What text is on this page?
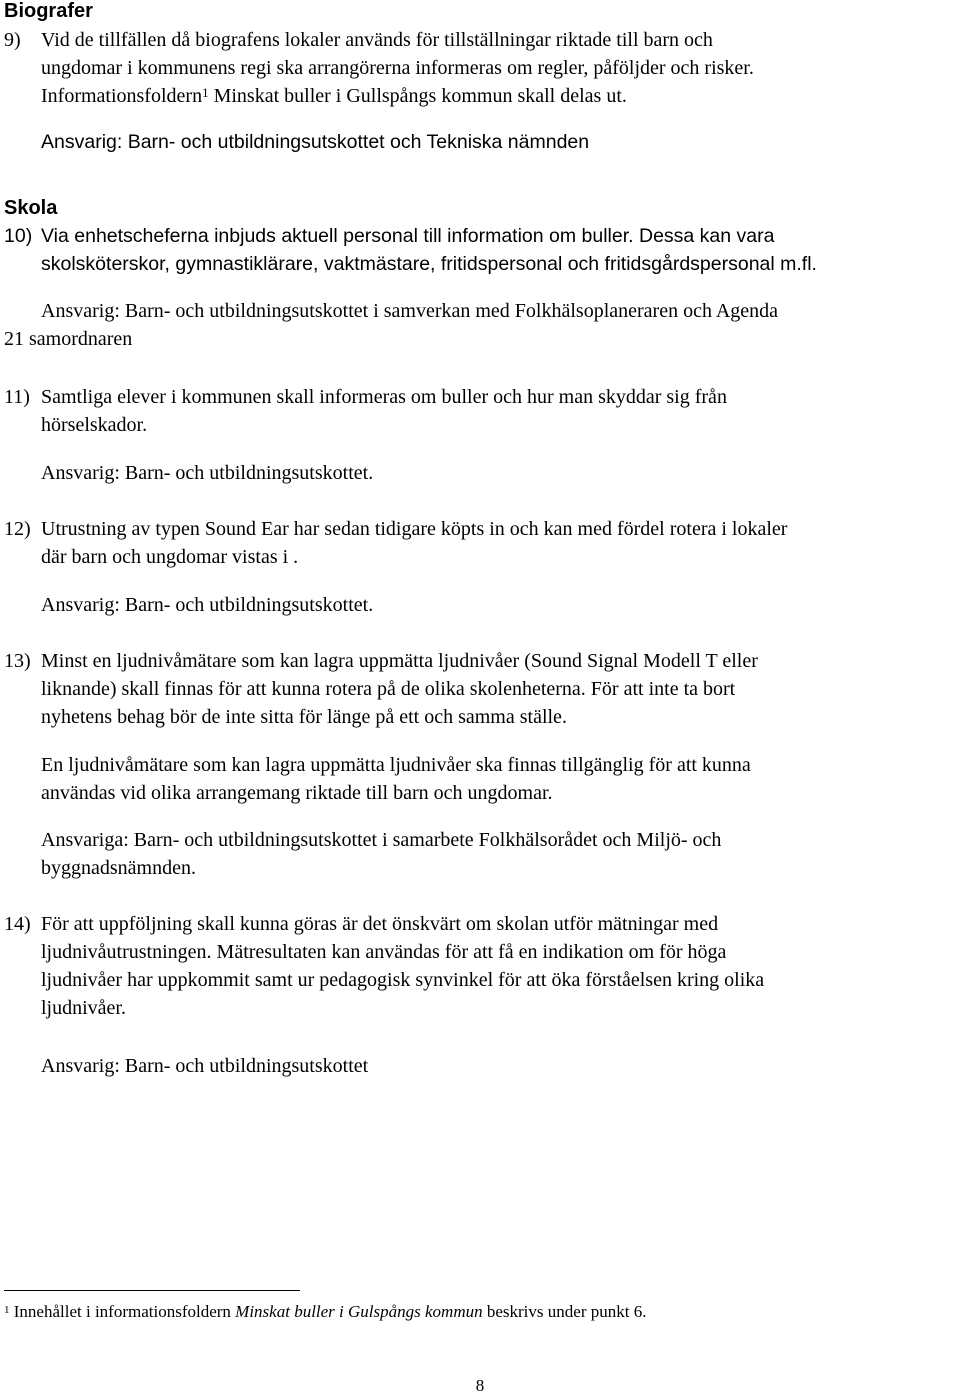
Biografer
9) Vid de tillfällen då biografens lokaler används för tillställningar riktade till barn och
ungdomar i kommunens regi ska arrangörerna informeras om regler, påföljder och risker.
Informationsfoldern$^1$ Minskat buller i Gullspångs kommun skall delas ut.
Ansvarig: Barn- och utbildningsutskottet och Tekniska nämnden
Skola
10) Via enhetscheferna inbjuds aktuell personal till information om buller. Dessa kan vara
skolsköterskor, gymnastiklärare, vaktmästare, fritidspersonal och fritidsgårdspersonal m.fl.
Ansvarig: Barn- och utbildningsutskottet i samverkan med Folkhälsoplaneraren och Agenda
21 samordnaren
11) Samtliga elever i kommunen skall informeras om buller och hur man skyddar sig från
hörselskador.
Ansvarig: Barn- och utbildningsutskottet.
12) Utrustning av typen Sound Ear har sedan tidigare köpts in och kan med fördel rotera i lokaler
där barn och ungdomar vistas i .
Ansvarig: Barn- och utbildningsutskottet.
13) Minst en ljudnivåmätare som kan lagra uppmätta ljudnivåer (Sound Signal Modell T eller
liknande) skall finnas för att kunna rotera på de olika skolenheterna. För att inte ta bort
nyhetens behag bör de inte sitta för länge på ett och samma ställe.
En ljudnivåmätare som kan lagra uppmätta ljudnivåer ska finnas tillgänglig för att kunna
användas vid olika arrangemang riktade till barn och ungdomar.
Ansvariga: Barn- och utbildningsutskottet i samarbete Folkhälsorådet och Miljö- och
byggnadsnämnden.
14) För att uppföljning skall kunna göras är det önskvärt om skolan utför mätningar med
ljudnivåutrustningen. Mätresultaten kan användas för att få en indikation om för höga
ljudnivåer har uppkommit samt ur pedagogisk synvinkel för att öka förståelsen kring olika
ljudnivåer.
Ansvarig: Barn- och utbildningsutskottet
$^1$ Innehållet i informationsfoldern Minskat buller i Gulspångs kommun beskrivs under punkt 6.
8
